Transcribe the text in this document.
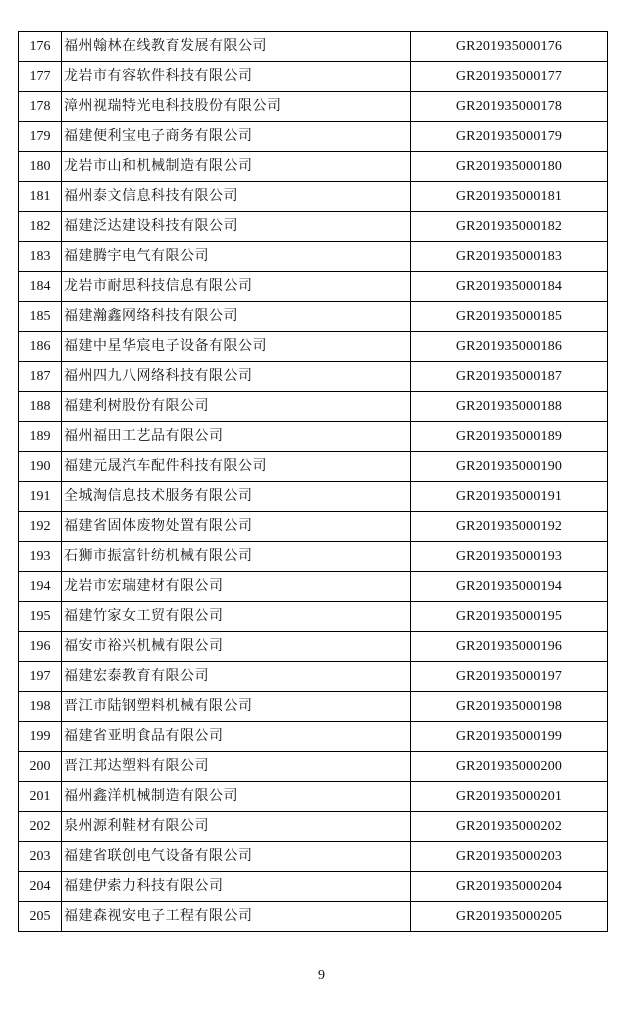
176	福州翰林在线教育发展有限公司	GR201935000176
177	龙岩市有容软件科技有限公司	GR201935000177
178	漳州视瑞特光电科技股份有限公司	GR201935000178
179	福建便利宝电子商务有限公司	GR201935000179
180	龙岩市山和机械制造有限公司	GR201935000180
181	福州泰文信息科技有限公司	GR201935000181
182	福建泛达建设科技有限公司	GR201935000182
183	福建腾宇电气有限公司	GR201935000183
184	龙岩市耐思科技信息有限公司	GR201935000184
185	福建瀚鑫网络科技有限公司	GR201935000185
186	福建中星华宸电子设备有限公司	GR201935000186
187	福州四九八网络科技有限公司	GR201935000187
188	福建利树股份有限公司	GR201935000188
189	福州福田工艺品有限公司	GR201935000189
190	福建元晟汽车配件科技有限公司	GR201935000190
191	全城淘信息技术服务有限公司	GR201935000191
192	福建省固体废物处置有限公司	GR201935000192
193	石狮市振富针纺机械有限公司	GR201935000193
194	龙岩市宏瑞建材有限公司	GR201935000194
195	福建竹家女工贸有限公司	GR201935000195
196	福安市裕兴机械有限公司	GR201935000196
197	福建宏泰教育有限公司	GR201935000197
198	晋江市陆钢塑料机械有限公司	GR201935000198
199	福建省亚明食品有限公司	GR201935000199
200	晋江邦达塑料有限公司	GR201935000200
201	福州鑫洋机械制造有限公司	GR201935000201
202	泉州源利鞋材有限公司	GR201935000202
203	福建省联创电气设备有限公司	GR201935000203
204	福建伊索力科技有限公司	GR201935000204
205	福建森视安电子工程有限公司	GR201935000205
9
